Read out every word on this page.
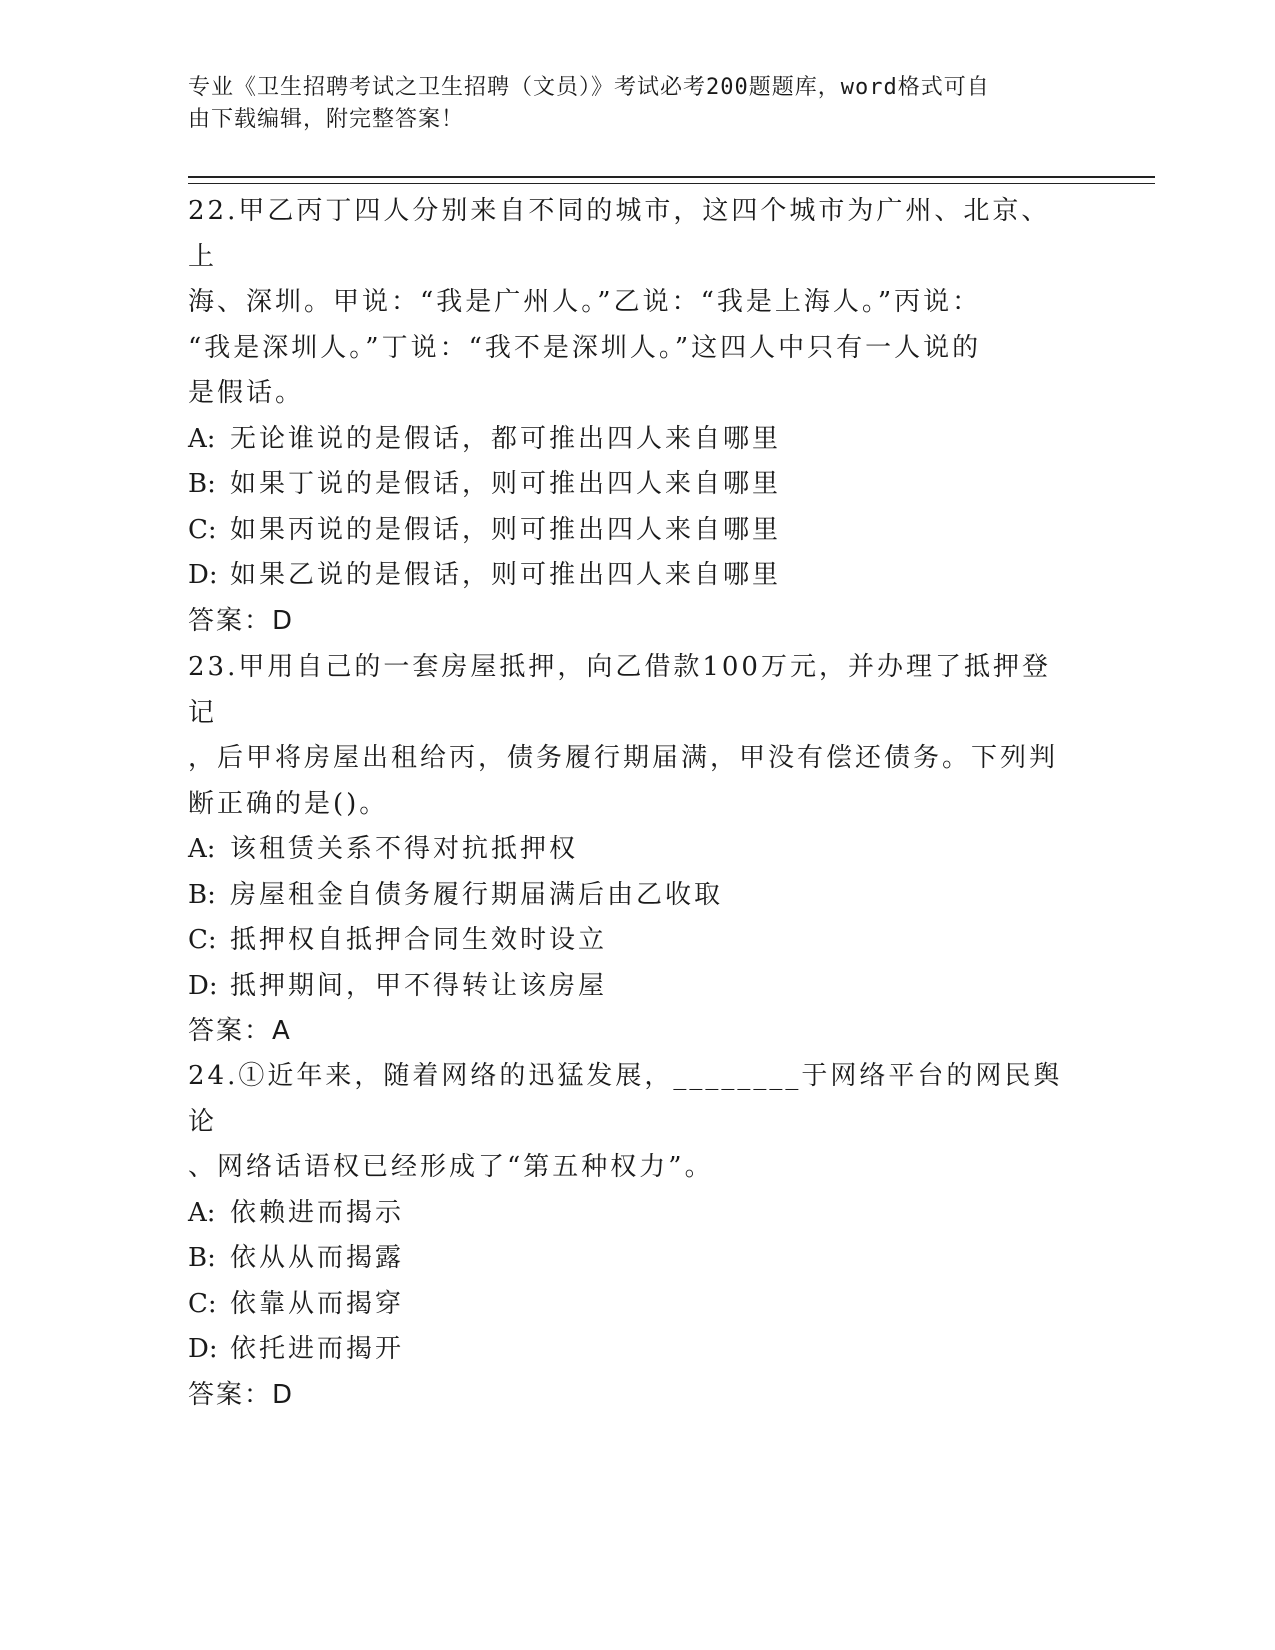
专业《卫生招聘考试之卫生招聘（文员）》考试必考200题题库，word格式可自
由下载编辑，附完整答案！

22.甲乙丙丁四人分别来自不同的城市，这四个城市为广州、北京、上
海、深圳。甲说：“我是广州人。”乙说：“我是上海人。”丙说：
“我是深圳人。”丁说：“我不是深圳人。”这四人中只有一人说的
是假话。

A: 无论谁说的是假话，都可推出四人来自哪里

B: 如果丁说的是假话，则可推出四人来自哪里

C: 如果丙说的是假话，则可推出四人来自哪里

D: 如果乙说的是假话，则可推出四人来自哪里

答案：D

23.甲用自己的一套房屋抵押，向乙借款100万元，并办理了抵押登记
，后甲将房屋出租给丙，债务履行期届满，甲没有偿还债务。下列判
断正确的是()。

A: 该租赁关系不得对抗抵押权

B: 房屋租金自债务履行期届满后由乙收取

C: 抵押权自抵押合同生效时设立

D: 抵押期间，甲不得转让该房屋

答案：A

24.①近年来，随着网络的迅猛发展，________于网络平台的网民舆论
、网络话语权已经形成了“第五种权力”。

A: 依赖进而揭示

B: 依从从而揭露

C: 依靠从而揭穿

D: 依托进而揭开

答案：D
